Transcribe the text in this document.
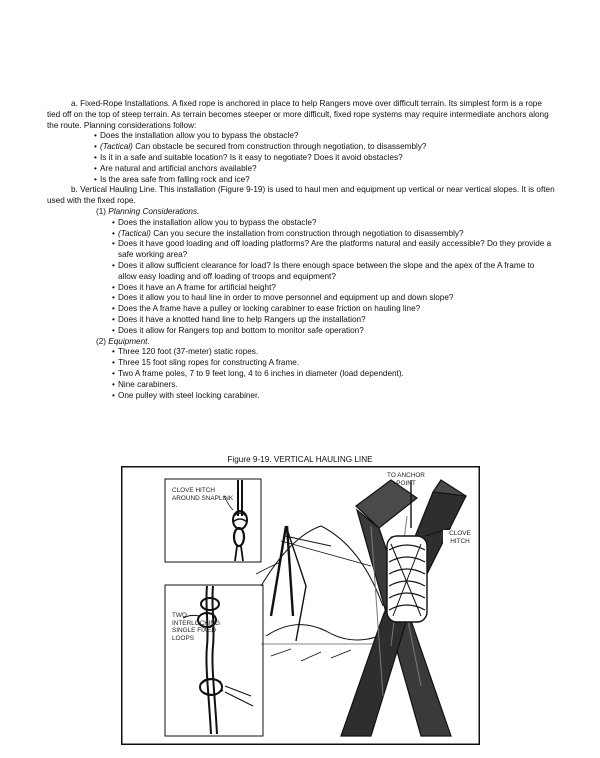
a. Fixed-Rope Installations. A fixed rope is anchored in place to help Rangers move over difficult terrain. Its simplest form is a rope tied off on the top of steep terrain. As terrain becomes steeper or more difficult, fixed rope systems may require intermediate anchors along the route. Planning considerations follow:

• Does the installation allow you to bypass the obstacle?
• (Tactical) Can obstacle be secured from construction through negotiation, to disassembly?
• Is it in a safe and suitable location? Is it easy to negotiate? Does it avoid obstacles?
• Are natural and artificial anchors available?
• Is the area safe from falling rock and ice?

b. Vertical Hauling Line. This installation (Figure 9-19) is used to haul men and equipment up vertical or near vertical slopes. It is often used with the fixed rope.

(1) Planning Considerations.
• Does the installation allow you to bypass the obstacle?
• (Tactical) Can you secure the installation from construction through negotiation to disassembly?
• Does it have good loading and off loading platforms? Are the platforms natural and easily accessible? Do they provide a safe working area?
• Does it allow sufficient clearance for load? Is there enough space between the slope and the apex of the A frame to allow easy loading and off loading of troops and equipment?
• Does it have an A frame for artificial height?
• Does it allow you to haul line in order to move personnel and equipment up and down slope?
• Does the A frame have a pulley or locking carabiner to ease friction on hauling line?
• Does it have a knotted hand line to help Rangers up the installation?
• Does it allow for Rangers top and bottom to monitor safe operation?
(2) Equipment.
• Three 120 foot (37-meter) static ropes.
• Three 15 foot sling ropes for constructing A frame.
• Two A frame poles, 7 to 9 feet long, 4 to 6 inches in diameter (load dependent).
• Nine carabiners.
• One pulley with steel locking carabiner.
Figure 9-19. VERTICAL HAULING LINE
CLOVE HITCH AROUND SNAPLINK
TWO INTERLOCKING SINGLE FIXED LOOPS
TO ANCHOR POINT
CLOVE HITCH
